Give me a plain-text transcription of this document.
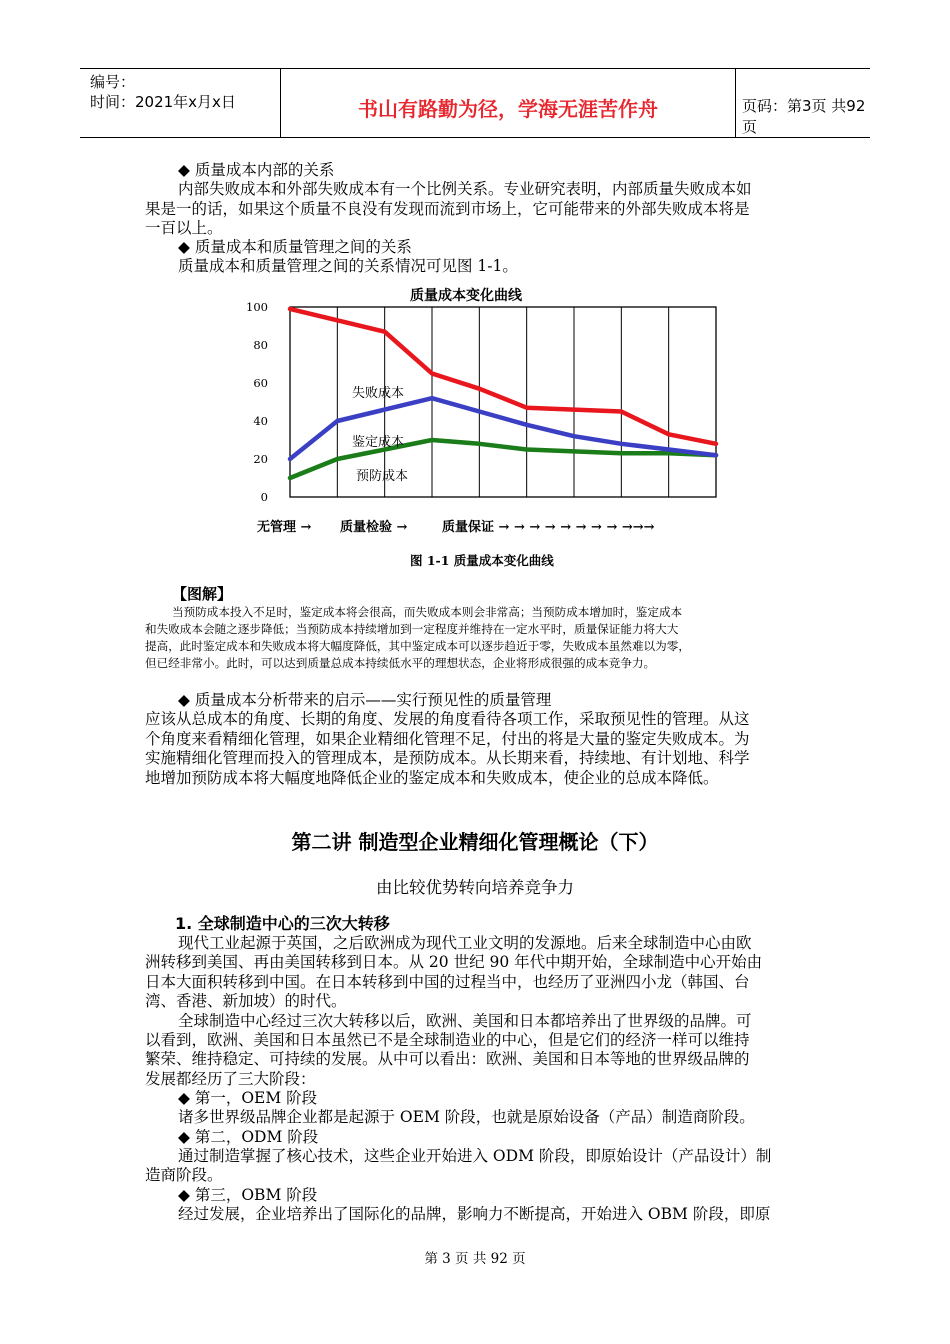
编号：
时间：2021年x月x日	书山有路勤为径，学海无涯苦作舟	页码：第3页 共92页
◆ 质量成本内部的关系
内部失败成本和外部失败成本有一个比例关系。专业研究表明，内部质量失败成本如
果是一的话，如果这个质量不良没有发现而流到市场上，它可能带来的外部失败成本将是
一百以上。
◆ 质量成本和质量管理之间的关系
质量成本和质量管理之间的关系情况可见图 1-1。
质量成本变化曲线
100
80
60
40
20
0
失败成本
鉴定成本
预防成本
无管理 → 质量检验 →	质量保证 → → → → → → → → →→→
图 1-1 质量成本变化曲线
【图解】
当预防成本投入不足时，鉴定成本将会很高，而失败成本则会非常高；当预防成本增加时，鉴定成本
和失败成本会随之逐步降低；当预防成本持续增加到一定程度并维持在一定水平时，质量保证能力将大大
提高，此时鉴定成本和失败成本将大幅度降低，其中鉴定成本可以逐步趋近于零，失败成本虽然难以为零，
但已经非常小。此时，可以达到质量总成本持续低水平的理想状态，企业将形成很强的成本竞争力。
◆ 质量成本分析带来的启示——实行预见性的质量管理
应该从总成本的角度、长期的角度、发展的角度看待各项工作，采取预见性的管理。从这
个角度来看精细化管理，如果企业精细化管理不足，付出的将是大量的鉴定失败成本。为
实施精细化管理而投入的管理成本，是预防成本。从长期来看，持续地、有计划地、科学
地增加预防成本将大幅度地降低企业的鉴定成本和失败成本，使企业的总成本降低。
第二讲 制造型企业精细化管理概论（下）
由比较优势转向培养竞争力
1. 全球制造中心的三次大转移
现代工业起源于英国，之后欧洲成为现代工业文明的发源地。后来全球制造中心由欧
洲转移到美国、再由美国转移到日本。从 20 世纪 90 年代中期开始，全球制造中心开始由
日本大面积转移到中国。在日本转移到中国的过程当中，也经历了亚洲四小龙（韩国、台
湾、香港、新加坡）的时代。
全球制造中心经过三次大转移以后，欧洲、美国和日本都培养出了世界级的品牌。可
以看到，欧洲、美国和日本虽然已不是全球制造业的中心，但是它们的经济一样可以维持
繁荣、维持稳定、可持续的发展。从中可以看出：欧洲、美国和日本等地的世界级品牌的
发展都经历了三大阶段：
◆ 第一，OEM 阶段
诸多世界级品牌企业都是起源于 OEM 阶段，也就是原始设备（产品）制造商阶段。
◆ 第二，ODM 阶段
通过制造掌握了核心技术，这些企业开始进入 ODM 阶段，即原始设计（产品设计）制
造商阶段。
◆ 第三，OBM 阶段
经过发展，企业培养出了国际化的品牌，影响力不断提高，开始进入 OBM 阶段，即原
第 3 页 共 92 页
